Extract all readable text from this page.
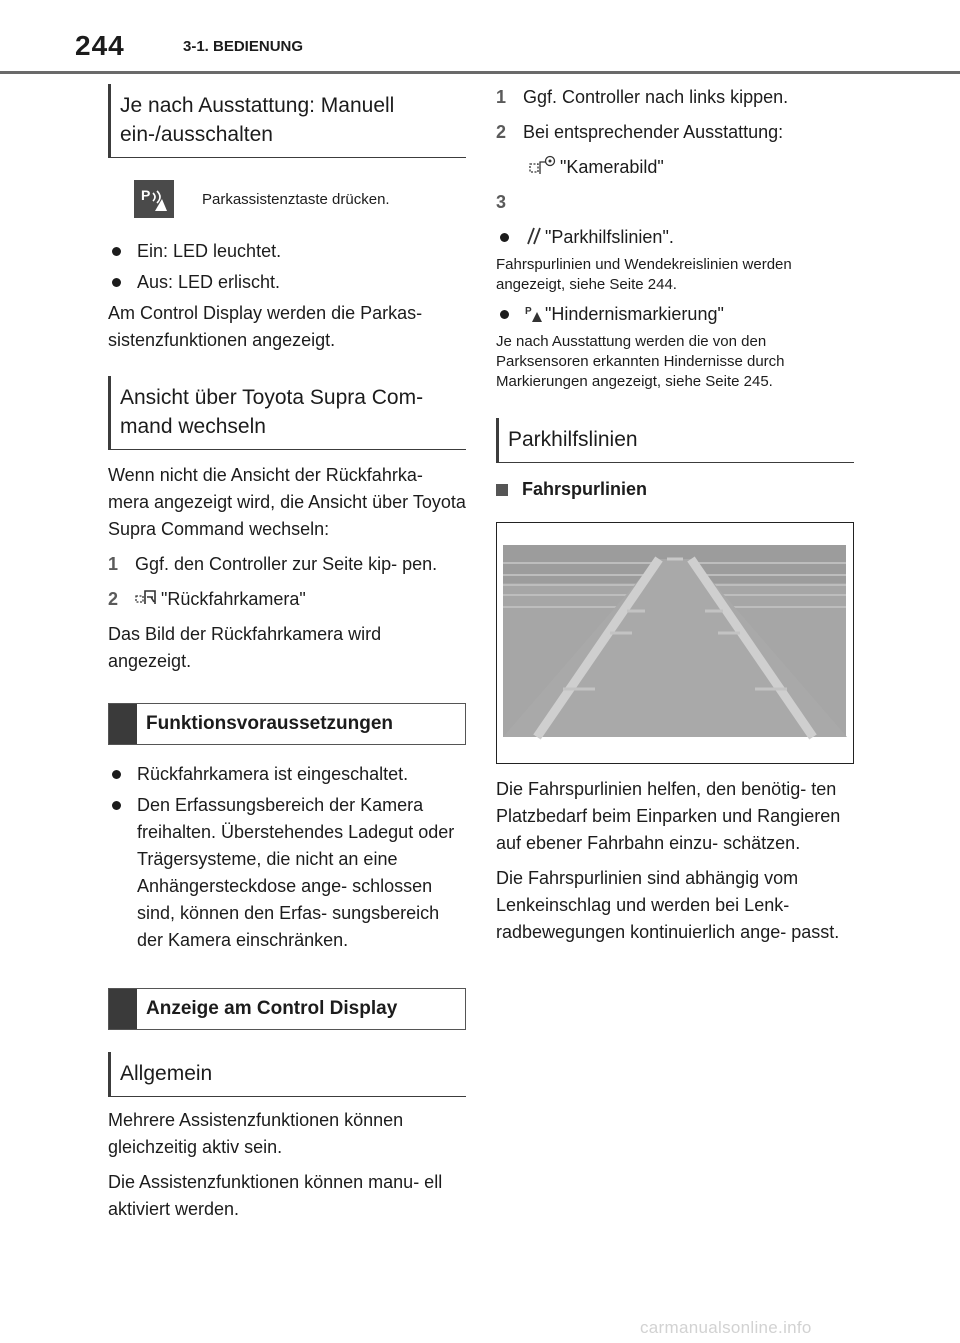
244	3-1. BEDIENUNG
Je nach Ausstattung: Manuell ein-/ausschalten
P	Parkassistenztaste drücken.
Ein: LED leuchtet.
Aus: LED erlischt.

Am Control Display werden die Parkas- sistenzfunktionen angezeigt.

Ansicht über Toyota Supra Com- mand wechseln

Wenn nicht die Ansicht der Rückfahrka- mera angezeigt wird, die Ansicht über Toyota Supra Command wechseln:

1 Ggf. den Controller zur Seite kip- pen.
2	"Rückfahrkamera"

Das Bild der Rückfahrkamera wird angezeigt.

Funktionsvoraussetzungen
Rückfahrkamera ist eingeschaltet.
Den Erfassungsbereich der Kamera freihalten. Überstehendes Ladegut oder Trägersysteme, die nicht an eine Anhängersteckdose ange- schlossen sind, können den Erfas- sungsbereich der Kamera einschränken.
Anzeige am Control Display
Allgemein

Mehrere Assistenzfunktionen können gleichzeitig aktiv sein.

Die Assistenzfunktionen können manu- ell aktiviert werden.

1 Ggf. Controller nach links kippen.
2 Bei entsprechender Ausstattung:
"Kamerabild"
3
"Parkhilfslinien".

Fahrspurlinien und Wendekreislinien werden angezeigt, siehe Seite 244.

P "Hindernismarkierung"

Je nach Ausstattung werden die von den Parksensoren erkannten Hindernisse durch Markierungen angezeigt, siehe Seite 245.

Parkhilfslinien
Fahrspurlinien

Die Fahrspurlinien helfen, den benötig- ten Platzbedarf beim Einparken und Rangieren auf ebener Fahrbahn einzu- schätzen.

Die Fahrspurlinien sind abhängig vom Lenkeinschlag und werden bei Lenk- radbewegungen kontinuierlich ange- passt.

carmanualsonline.info
